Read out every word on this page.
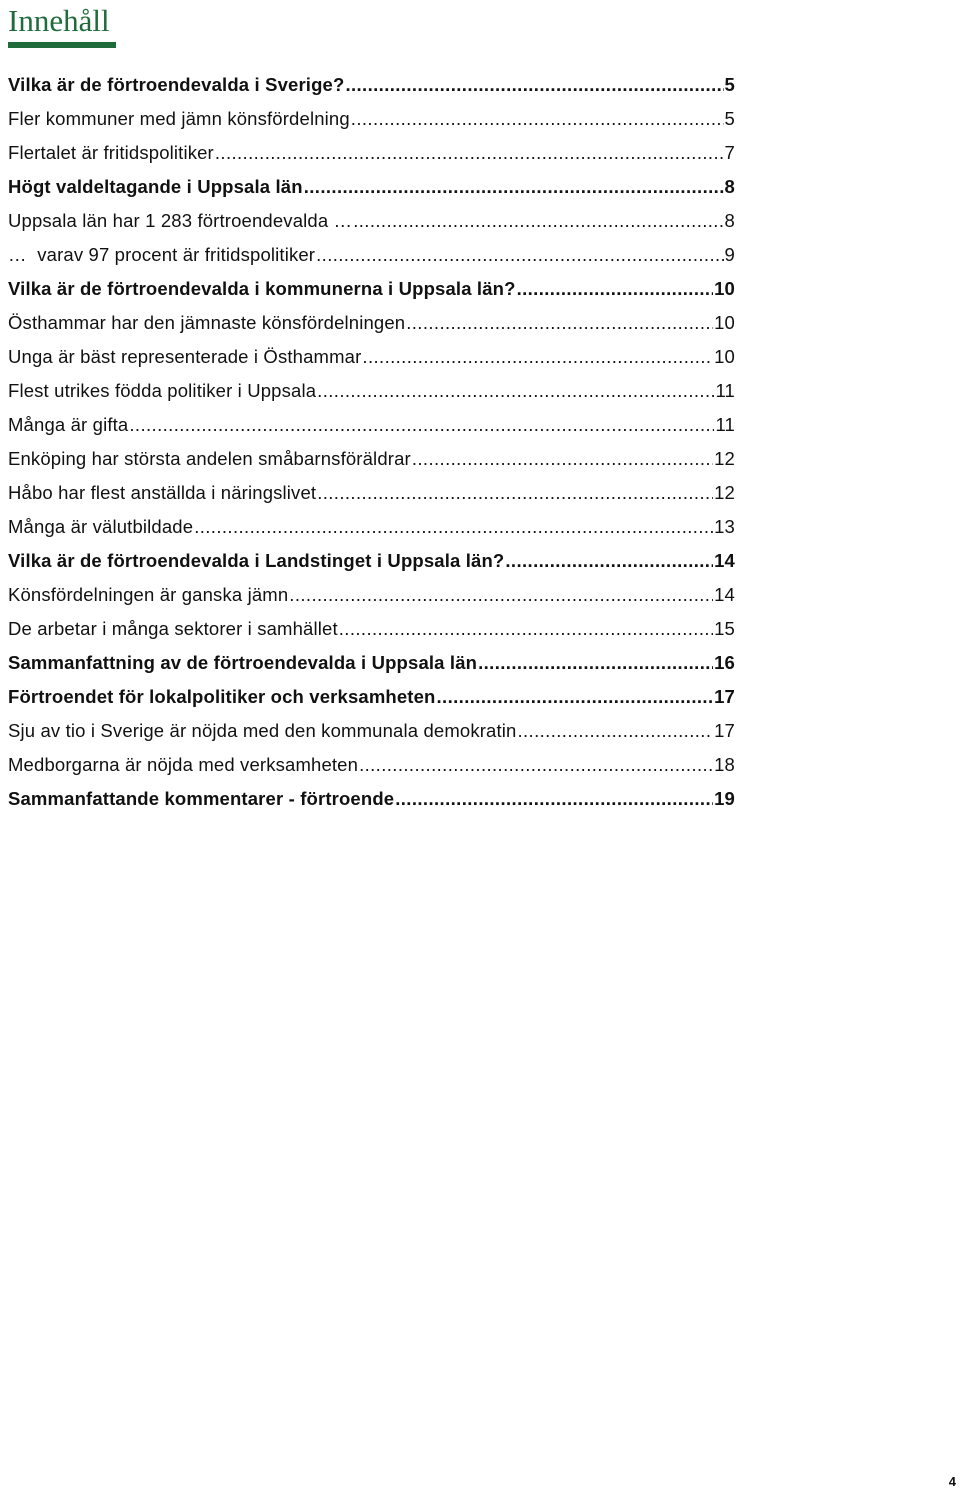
Innehåll
Vilka är de förtroendevalda i Sverige? .....	5
Fler kommuner med jämn könsfördelning .....	5
Flertalet är fritidspolitiker .....	7
Högt valdeltagande i Uppsala län .....	8
Uppsala län har 1 283 förtroendevalda … .....	8
…  varav 97 procent är fritidspolitiker .....	9
Vilka är de förtroendevalda i kommunerna i Uppsala län? .....	10
Östhammar har den jämnaste könsfördelningen .....	10
Unga är bäst representerade i Östhammar .....	10
Flest utrikes födda politiker i Uppsala .....	11
Många är gifta .....	11
Enköping har största andelen småbarnsföräldrar .....	12
Håbo har flest anställda i näringslivet .....	12
Många är välutbildade .....	13
Vilka är de förtroendevalda i Landstinget i Uppsala län? .....	14
Könsfördelningen är ganska jämn .....	14
De arbetar i många sektorer i samhället .....	15
Sammanfattning av de förtroendevalda i Uppsala län .....	16
Förtroendet för lokalpolitiker och verksamheten .....	17
Sju av tio i Sverige är nöjda med den kommunala demokratin .....	17
Medborgarna är nöjda med verksamheten .....	18
Sammanfattande kommentarer - förtroende .....	19
4
